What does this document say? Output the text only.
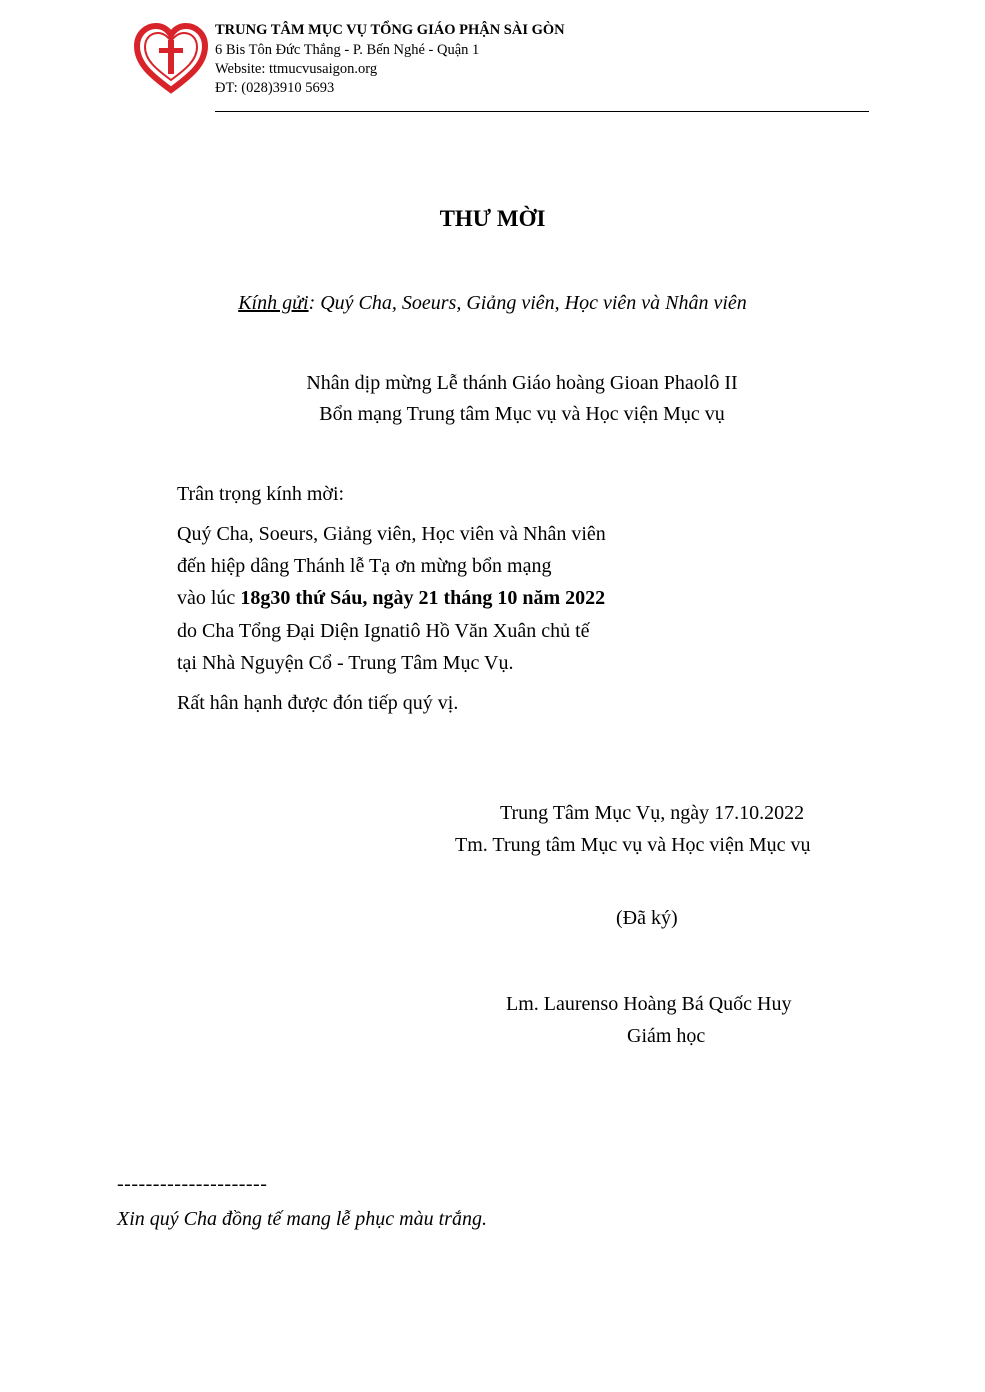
TRUNG TÂM MỤC VỤ TỔNG GIÁO PHẬN SÀI GÒN
6 Bis Tôn Đức Thắng - P. Bến Nghé - Quận 1
Website: ttmucvusaigon.org
ĐT: (028)3910 5693
THƯ MỜI
Kính gửi: Quý Cha, Soeurs, Giảng viên, Học viên và Nhân viên
Nhân dịp mừng Lễ thánh Giáo hoàng Gioan Phaolô II
Bổn mạng Trung tâm Mục vụ và Học viện Mục vụ
Trân trọng kính mời:
Quý Cha, Soeurs, Giảng viên, Học viên và Nhân viên
đến hiệp dâng Thánh lễ Tạ ơn mừng bổn mạng
vào lúc 18g30 thứ Sáu, ngày 21 tháng 10 năm 2022
do Cha Tổng Đại Diện Ignatiô Hồ Văn Xuân chủ tế
tại Nhà Nguyện Cổ - Trung Tâm Mục Vụ.
Rất hân hạnh được đón tiếp quý vị.
Trung Tâm Mục Vụ, ngày 17.10.2022
Tm. Trung tâm Mục vụ và Học viện Mục vụ
(Đã ký)
Lm. Laurenso Hoàng Bá Quốc Huy
Giám học
---------------------
Xin quý Cha đồng tế mang lễ phục màu trắng.
